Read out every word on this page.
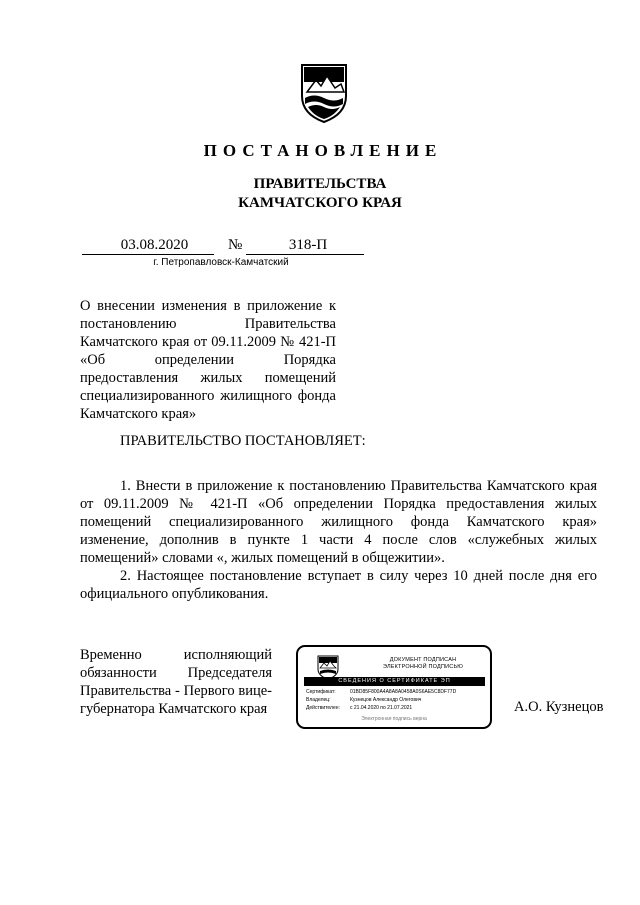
ПОСТАНОВЛЕНИЕ
ПРАВИТЕЛЬСТВА
КАМЧАТСКОГО КРАЯ
03.08.2020	№	318-П
г. Петропавловск-Камчатский
О внесении изменения в приложение к постановлению Правительства Камчатского края от 09.11.2009 № 421-П «Об определении Порядка предоставления жилых помещений специализированного жилищного фонда Камчатского края»
ПРАВИТЕЛЬСТВО ПОСТАНОВЛЯЕТ:

1. Внести в приложение к постановлению Правительства Камчатского края от 09.11.2009 № 421-П «Об определении Порядка предоставления жилых помещений специализированного жилищного фонда Камчатского края» изменение, дополнив в пункте 1 части 4 после слов «служебных жилых помещений» словами «, жилых помещений в общежитии».

2. Настоящее постановление вступает в силу через 10 дней после дня его официального опубликования.

Временно исполняющий обязанности Председателя Правительства - Первого вице-губернатора Камчатского края
ДОКУМЕНТ ПОДПИСАН
ЭЛЕКТРОННОЙ ПОДПИСЬЮ
СВЕДЕНИЯ О СЕРТИФИКАТЕ ЭП
Сертификат:	01BD85F800A4A8A8A0458A0S6AE5C8DF77D
Владелец:	Кузнецов Александр Олегович
Действителен: с 21.04.2020 по 21.07.2021
Электронная подпись верна
А.О. Кузнецов
